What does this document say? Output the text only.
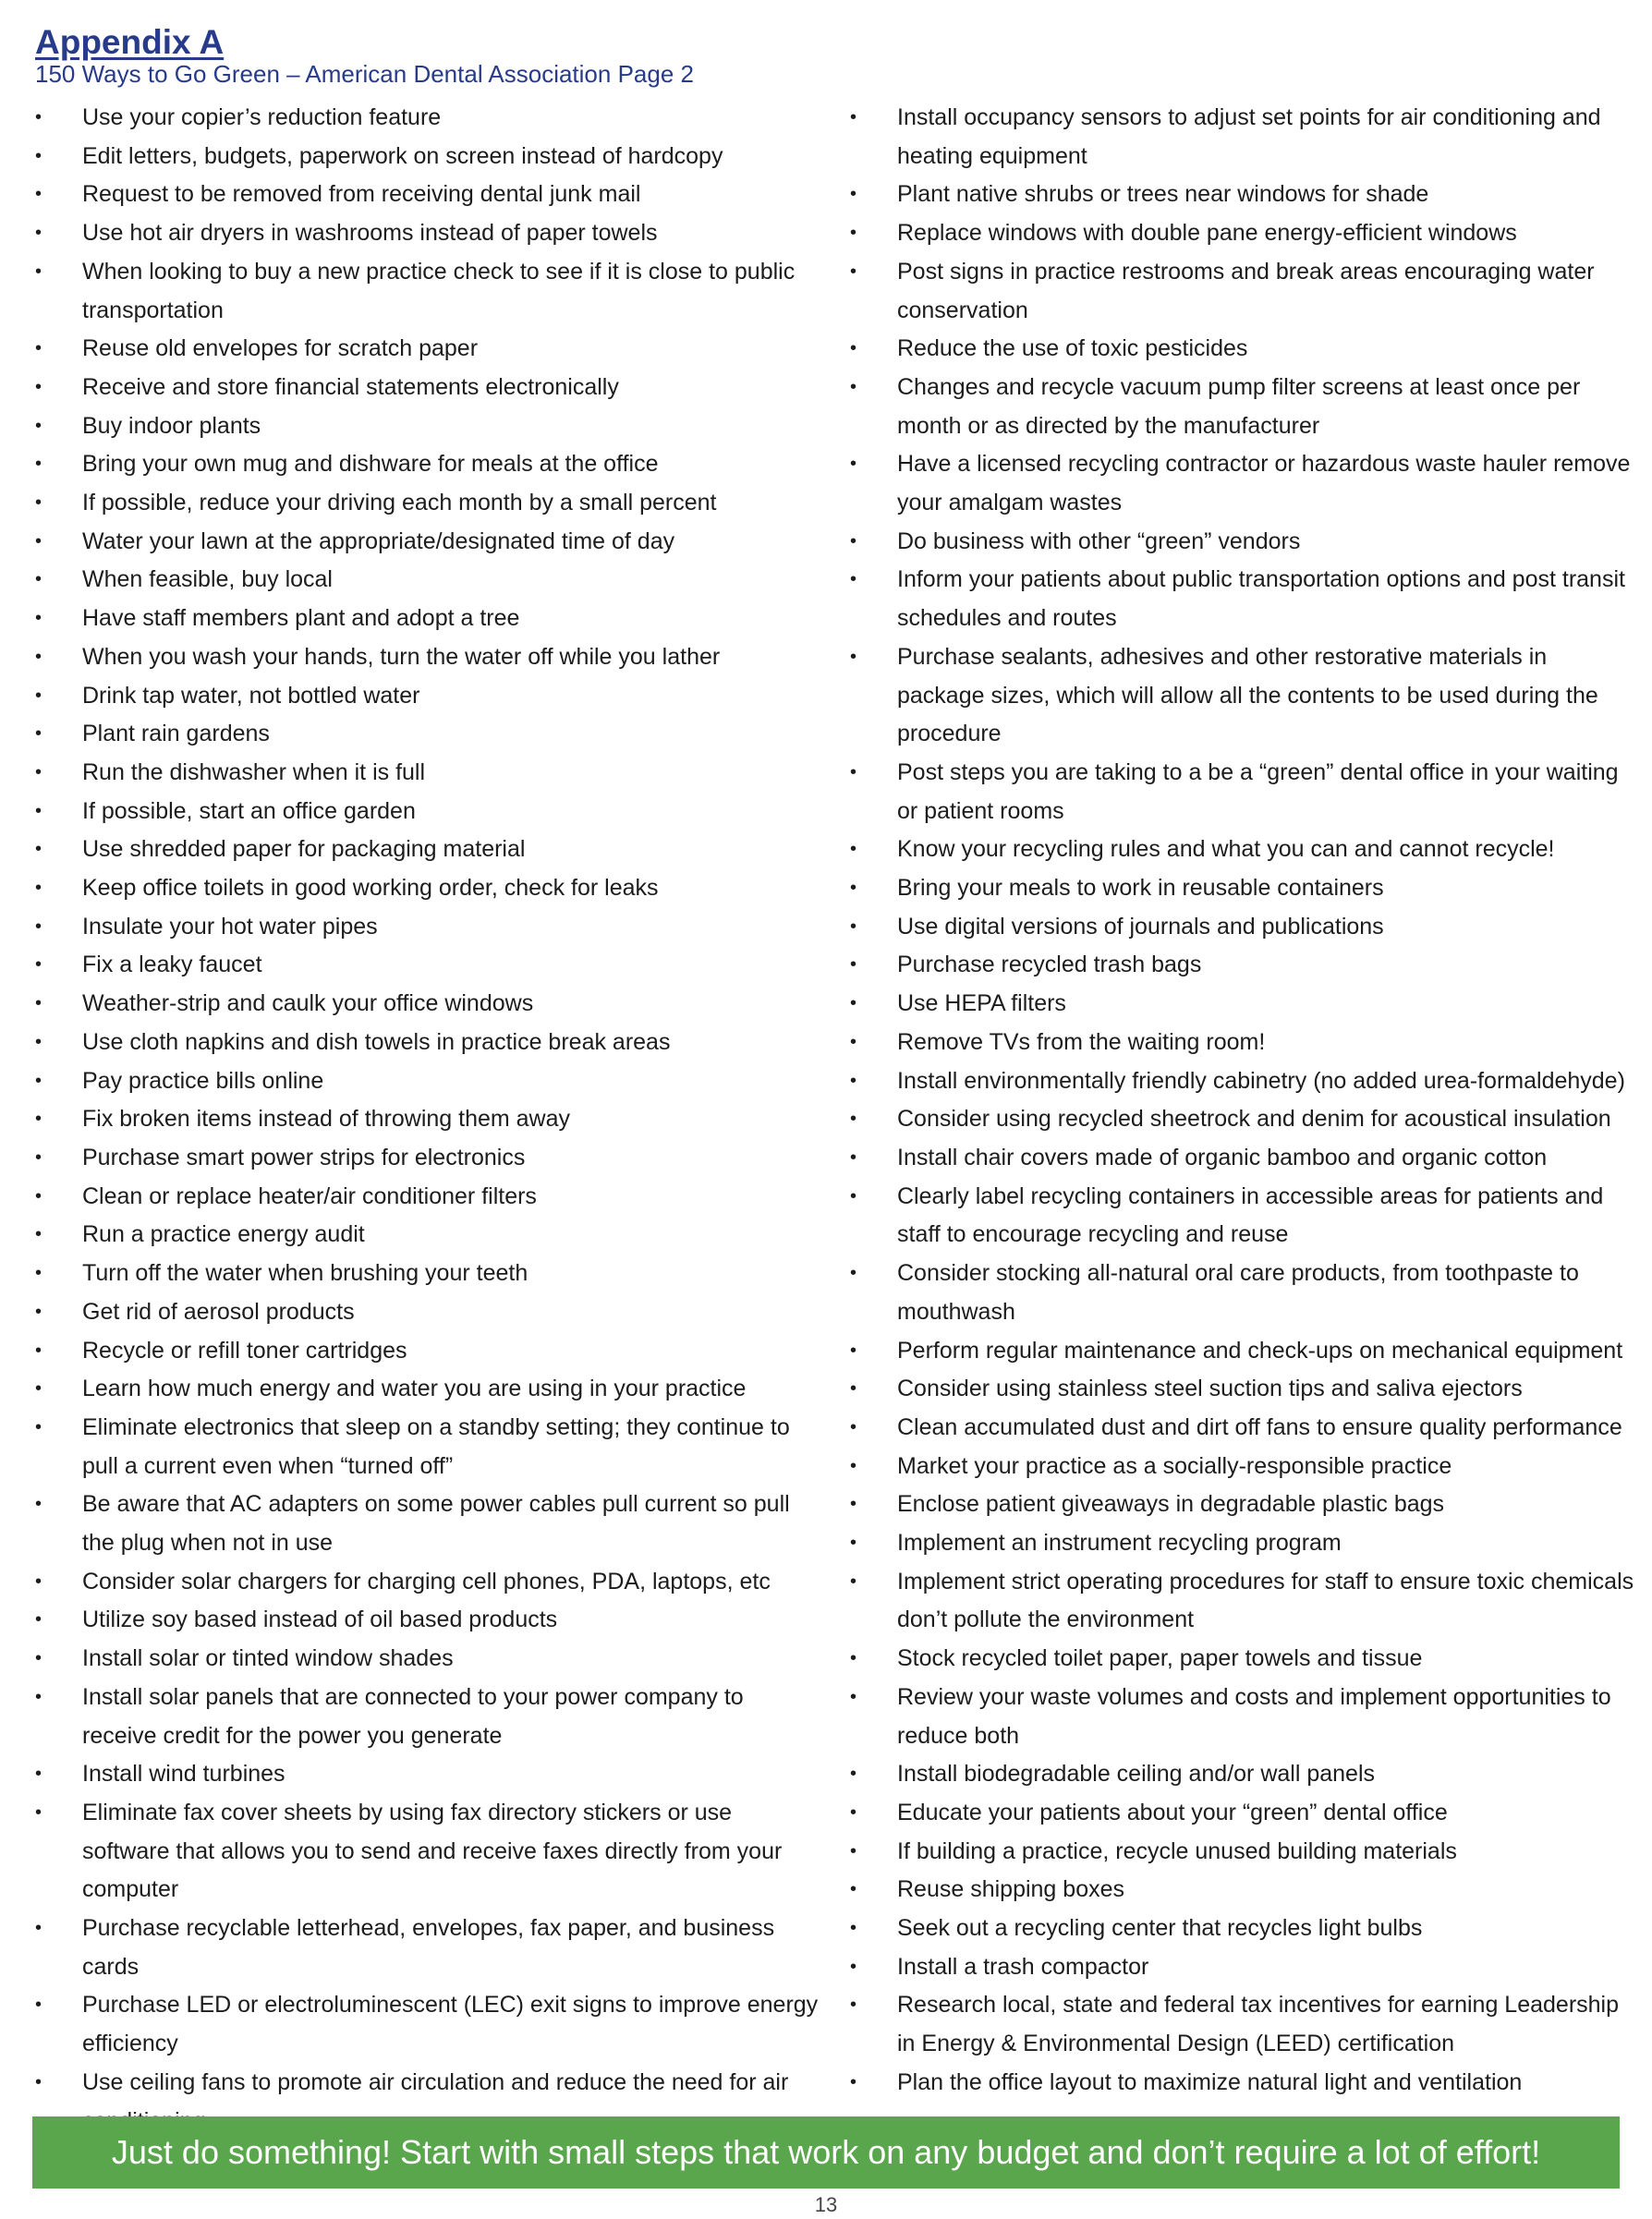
Appendix A
150 Ways to Go Green – American Dental Association Page 2
•	Use your copier’s reduction feature
•	Edit letters, budgets, paperwork on screen instead of hardcopy
•	Request to be removed from receiving dental junk mail
•	Use hot air dryers in washrooms instead of paper towels
•	When looking to buy a new practice check to see if it is close to public transportation
•	Reuse old envelopes for scratch paper
•	Receive and store financial statements electronically
•	Buy indoor plants
•	Bring your own mug and dishware for meals at the office
•	If possible, reduce your driving each month by a small percent
•	Water your lawn at the appropriate/designated time of day
•	When feasible, buy local
•	Have staff members plant and adopt a tree
•	When you wash your hands, turn the water off while you lather
•	Drink tap water, not bottled water
•	Plant rain gardens
•	Run the dishwasher when it is full
•	If possible, start an office garden
•	Use shredded paper for packaging material
•	Keep office toilets in good working order, check for leaks
•	Insulate your hot water pipes
•	Fix a leaky faucet
•	Weather-strip and caulk your office windows
•	Use cloth napkins and dish towels in practice break areas
•	Pay practice bills online
•	Fix broken items instead of throwing them away
•	Purchase smart power strips for electronics
•	Clean or replace heater/air conditioner filters
•	Run a practice energy audit
•	Turn off the water when brushing your teeth
•	Get rid of aerosol products
•	Recycle or refill toner cartridges
•	Learn how much energy and water you are using in your practice
•	Eliminate electronics that sleep on a standby setting; they continue to pull a current even when “turned off”
•	Be aware that AC adapters on some power cables pull current so pull the plug when not in use
•	Consider solar chargers for charging cell phones, PDA, laptops, etc
•	Utilize soy based instead of oil based products
•	Install solar or tinted window shades
•	Install solar panels that are connected to your power company to receive credit for the power you generate
•	Install wind turbines
•	Eliminate fax cover sheets by using fax directory stickers or use software that allows you to send and receive faxes directly from your computer
•	Purchase recyclable letterhead, envelopes, fax paper, and business cards
•	Purchase LED or electroluminescent (LEC) exit signs to improve energy efficiency
•	Use ceiling fans to promote air circulation and reduce the need for air
•	Install occupancy sensors to adjust set points for air conditioning and heating equipment
•	Plant native shrubs or trees near windows for shade
•	Replace windows with double pane energy-efficient windows
•	Post signs in practice restrooms and break areas encouraging water conservation
•	Reduce the use of toxic pesticides
•	Changes and recycle vacuum pump filter screens at least once per month or as directed by the manufacturer
•	Have a licensed recycling contractor or hazardous waste hauler remove your amalgam wastes
•	Do business with other “green” vendors
•	Inform your patients about public transportation options and post transit schedules and routes
•	Purchase sealants, adhesives and other restorative materials in package sizes, which will allow all the contents to be used during the procedure
•	Post steps you are taking to a be a “green” dental office in your waiting or patient rooms
•	Know your recycling rules and what you can and cannot recycle!
•	Bring your meals to work in reusable containers
•	Use digital versions of journals and publications
•	Purchase recycled trash bags
•	Use HEPA filters
•	Remove TVs from the waiting room!
•	Install environmentally friendly cabinetry (no added urea-formaldehyde)
•	Consider using recycled sheetrock and denim for acoustical insulation
•	Install chair covers made of organic bamboo and organic cotton
•	Clearly label recycling containers in accessible areas for patients and staff to encourage recycling and reuse
•	Consider stocking all-natural oral care products, from toothpaste to mouthwash
•	Perform regular maintenance and check-ups on mechanical equipment
•	Consider using stainless steel suction tips and saliva ejectors
•	Clean accumulated dust and dirt off fans to ensure quality performance
•	Market your practice as a socially-responsible practice
•	Enclose patient giveaways in degradable plastic bags
•	Implement an instrument recycling program
•	Implement strict operating procedures for staff to ensure toxic chemicals don’t pollute the environment
•	Stock recycled toilet paper, paper towels and tissue
•	Review your waste volumes and costs and implement opportunities to reduce both
•	Install biodegradable ceiling and/or wall panels
•	Educate your patients about your “green” dental office
•	If building a practice, recycle unused building materials
•	Reuse shipping boxes
•	Seek out a recycling center that recycles light bulbs
•	Install a trash compactor
•	Research local, state and federal tax incentives for earning Leadership in Energy & Environmental Design (LEED) certification
•	Plan the office layout to maximize natural light and ventilation
Just do something! Start with small steps that work on any budget and don’t require a lot of effort!
13
